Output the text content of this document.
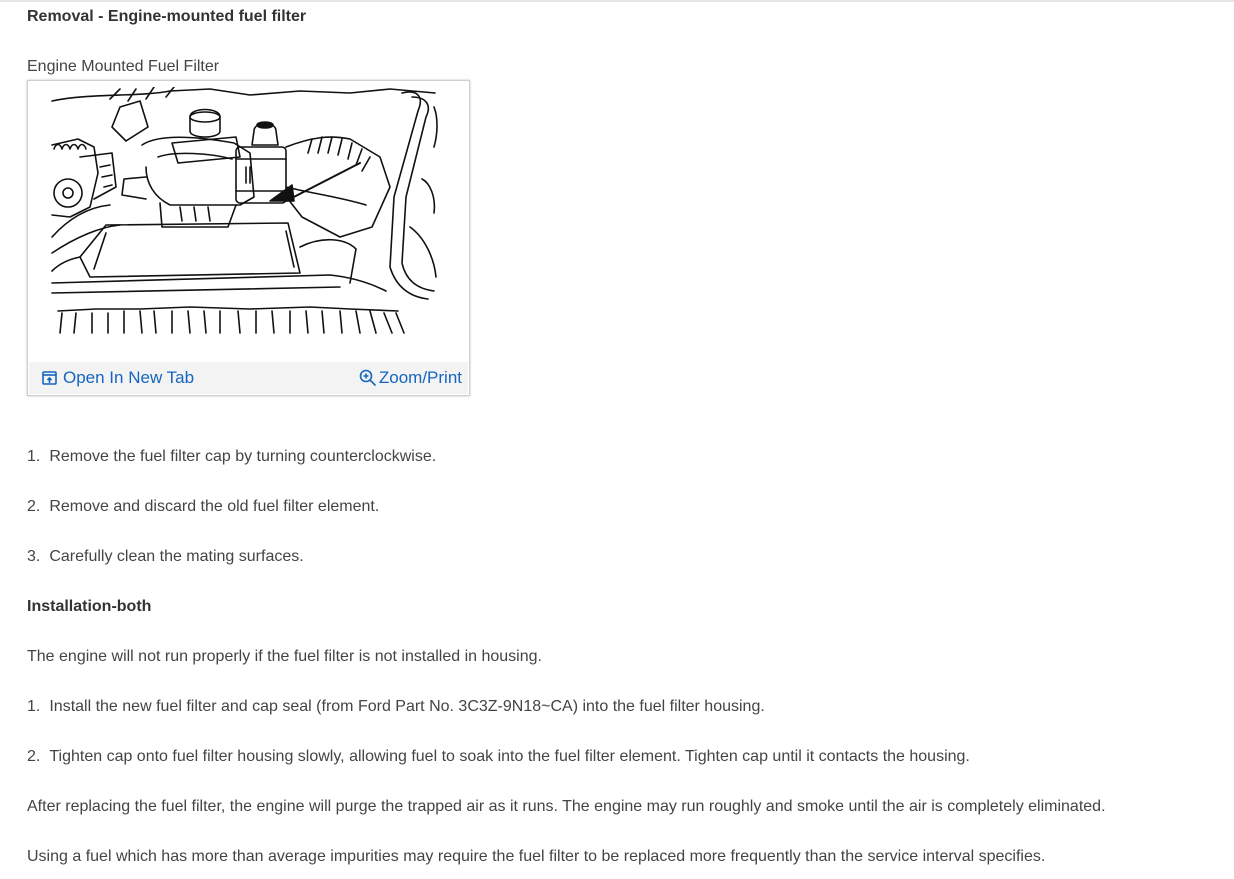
Removal - Engine-mounted fuel filter
Engine Mounted Fuel Filter
Open In New Tab	Zoom/Print
1. Remove the fuel filter cap by turning counterclockwise.
2. Remove and discard the old fuel filter element.
3. Carefully clean the mating surfaces.
Installation-both
The engine will not run properly if the fuel filter is not installed in housing.
1. Install the new fuel filter and cap seal (from Ford Part No. 3C3Z-9N18~CA) into the fuel filter housing.
2. Tighten cap onto fuel filter housing slowly, allowing fuel to soak into the fuel filter element. Tighten cap until it contacts the housing.
After replacing the fuel filter, the engine will purge the trapped air as it runs. The engine may run roughly and smoke until the air is completely eliminated.
Using a fuel which has more than average impurities may require the fuel filter to be replaced more frequently than the service interval specifies.
